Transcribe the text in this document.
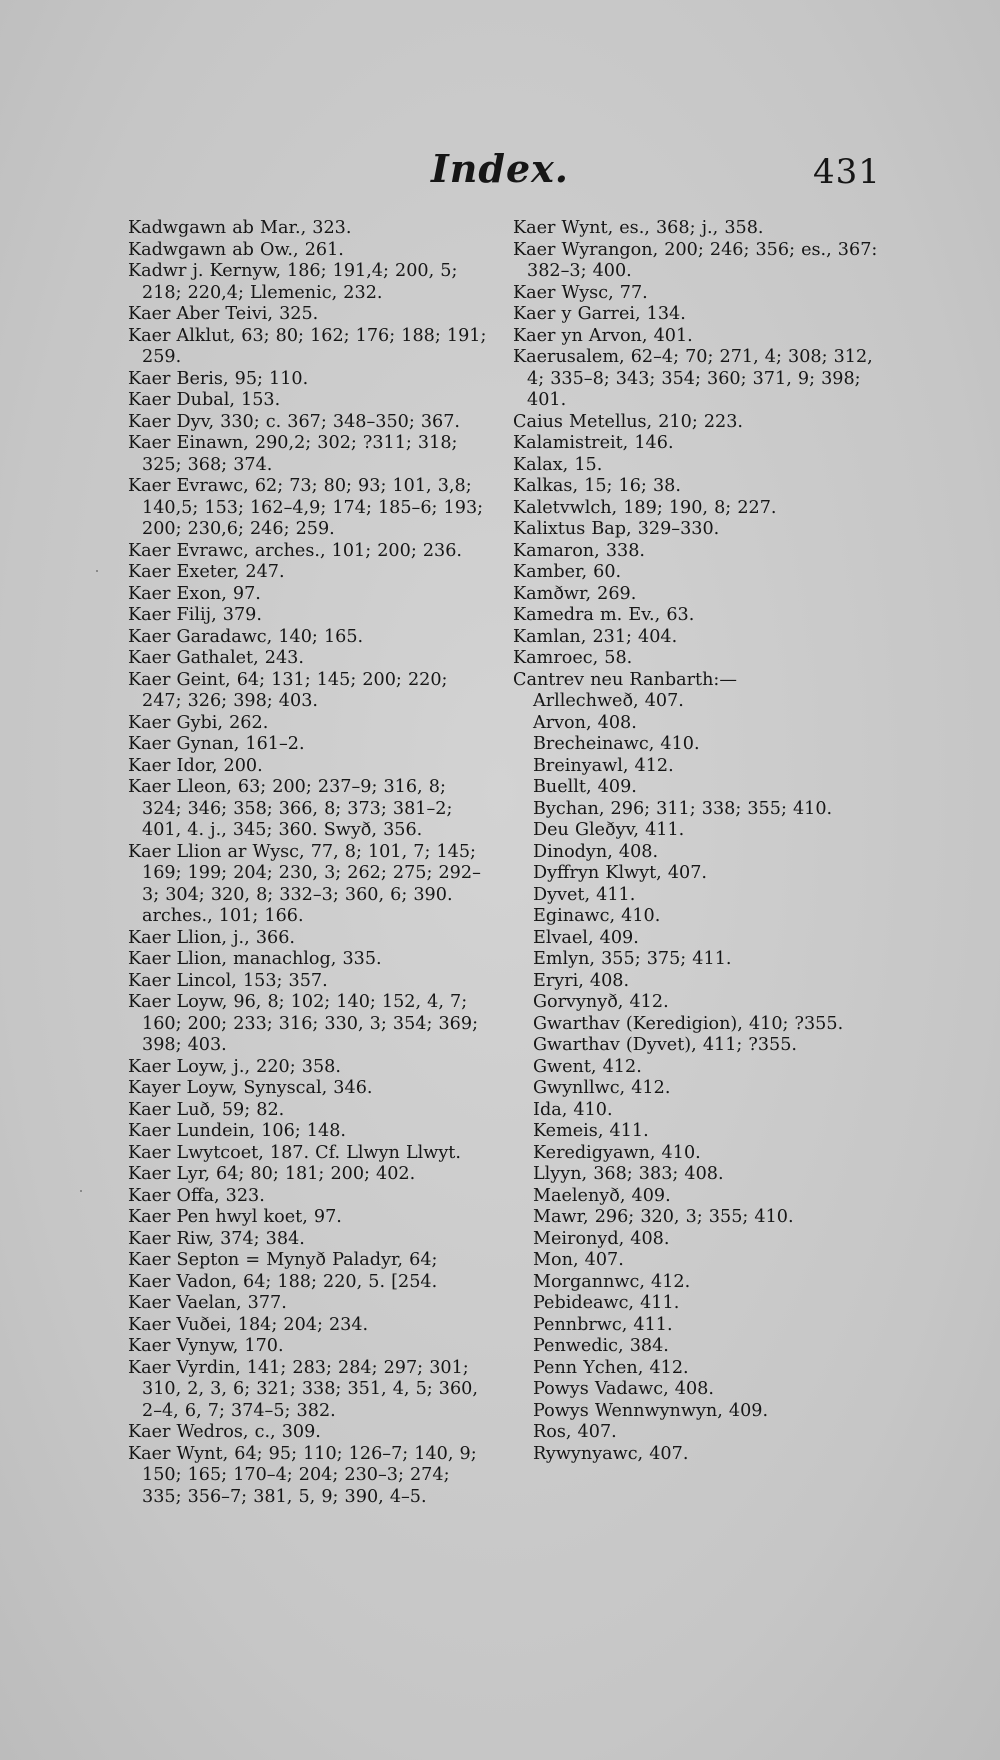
Index.	431
Kadwgawn ab Mar., 323.
Kadwgawn ab Ow., 261.
Kadwr j. Kernyw, 186; 191,4; 200, 5; 218; 220,4; Llemenic, 232.
Kaer Aber Teivi, 325.
Kaer Alklut, 63; 80; 162; 176; 188; 191; 259.
Kaer Beris, 95; 110.
Kaer Dubal, 153.
Kaer Dyv, 330; c. 367; 348–350; 367.
Kaer Einawn, 290,2; 302; ?311; 318; 325; 368; 374.
Kaer Evrawc, 62; 73; 80; 93; 101, 3,8; 140,5; 153; 162–4,9; 174; 185–6; 193; 200; 230,6; 246; 259.
Kaer Evrawc, arches., 101; 200; 236.
Kaer Exeter, 247.
Kaer Exon, 97.
Kaer Filij, 379.
Kaer Garadawc, 140; 165.
Kaer Gathalet, 243.
Kaer Geint, 64; 131; 145; 200; 220; 247; 326; 398; 403.
Kaer Gybi, 262.
Kaer Gynan, 161–2.
Kaer Idor, 200.
Kaer Lleon, 63; 200; 237–9; 316, 8; 324; 346; 358; 366, 8; 373; 381–2; 401, 4. j., 345; 360. Swyð, 356.
Kaer Llion ar Wysc, 77, 8; 101, 7; 145; 169; 199; 204; 230, 3; 262; 275; 292–3; 304; 320, 8; 332–3; 360, 6; 390. arches., 101; 166.
Kaer Llion, j., 366.
Kaer Llion, manachlog, 335.
Kaer Lincol, 153; 357.
Kaer Loyw, 96, 8; 102; 140; 152, 4, 7; 160; 200; 233; 316; 330, 3; 354; 369; 398; 403.
Kaer Loyw, j., 220; 358.
Kayer Loyw, Synyscal, 346.
Kaer Luð, 59; 82.
Kaer Lundein, 106; 148.
Kaer Lwytcoet, 187. Cf. Llwyn Llwyt.
Kaer Lyr, 64; 80; 181; 200; 402.
Kaer Offa, 323.
Kaer Pen hwyl koet, 97.
Kaer Riw, 374; 384.
Kaer Septon = Mynyð Paladyr, 64;
Kaer Vadon, 64; 188; 220, 5. [254.
Kaer Vaelan, 377.
Kaer Vuðei, 184; 204; 234.
Kaer Vynyw, 170.
Kaer Vyrdin, 141; 283; 284; 297; 301; 310, 2, 3, 6; 321; 338; 351, 4, 5; 360, 2–4, 6, 7; 374–5; 382.
Kaer Wedros, c., 309.
Kaer Wynt, 64; 95; 110; 126–7; 140, 9; 150; 165; 170–4; 204; 230–3; 274; 335; 356–7; 381, 5, 9; 390, 4–5.
Kaer Wynt, es., 368; j., 358.
Kaer Wyrangon, 200; 246; 356; es., 367: 382–3; 400.
Kaer Wysc, 77.
Kaer y Garrei, 134.
Kaer yn Arvon, 401.
Kaerusalem, 62–4; 70; 271, 4; 308; 312, 4; 335–8; 343; 354; 360; 371, 9; 398; 401.
Caius Metellus, 210; 223.
Kalamistreit, 146.
Kalax, 15.
Kalkas, 15; 16; 38.
Kaletvwlch, 189; 190, 8; 227.
Kalixtus Bap, 329–330.
Kamaron, 338.
Kamber, 60.
Kamðwr, 269.
Kamedra m. Ev., 63.
Kamlan, 231; 404.
Kamroec, 58.
Cantrev neu Ranbarth:—
Arllechweð, 407.
Arvon, 408.
Brecheinawc, 410.
Breinyawl, 412.
Buellt, 409.
Bychan, 296; 311; 338; 355; 410.
Deu Gleðyv, 411.
Dinodyn, 408.
Dyffryn Klwyt, 407.
Dyvet, 411.
Eginawc, 410.
Elvael, 409.
Emlyn, 355; 375; 411.
Eryri, 408.
Gorvynyð, 412.
Gwarthav (Keredigion), 410; ?355.
Gwarthav (Dyvet), 411; ?355.
Gwent, 412.
Gwynllwc, 412.
Ida, 410.
Kemeis, 411.
Keredigyawn, 410.
Llyyn, 368; 383; 408.
Maelenyð, 409.
Mawr, 296; 320, 3; 355; 410.
Meironyd, 408.
Mon, 407.
Morgannwc, 412.
Pebideawc, 411.
Pennbrwc, 411.
Penwedic, 384.
Penn Ychen, 412.
Powys Vadawc, 408.
Powys Wennwynwyn, 409.
Ros, 407.
Rywynyawc, 407.
